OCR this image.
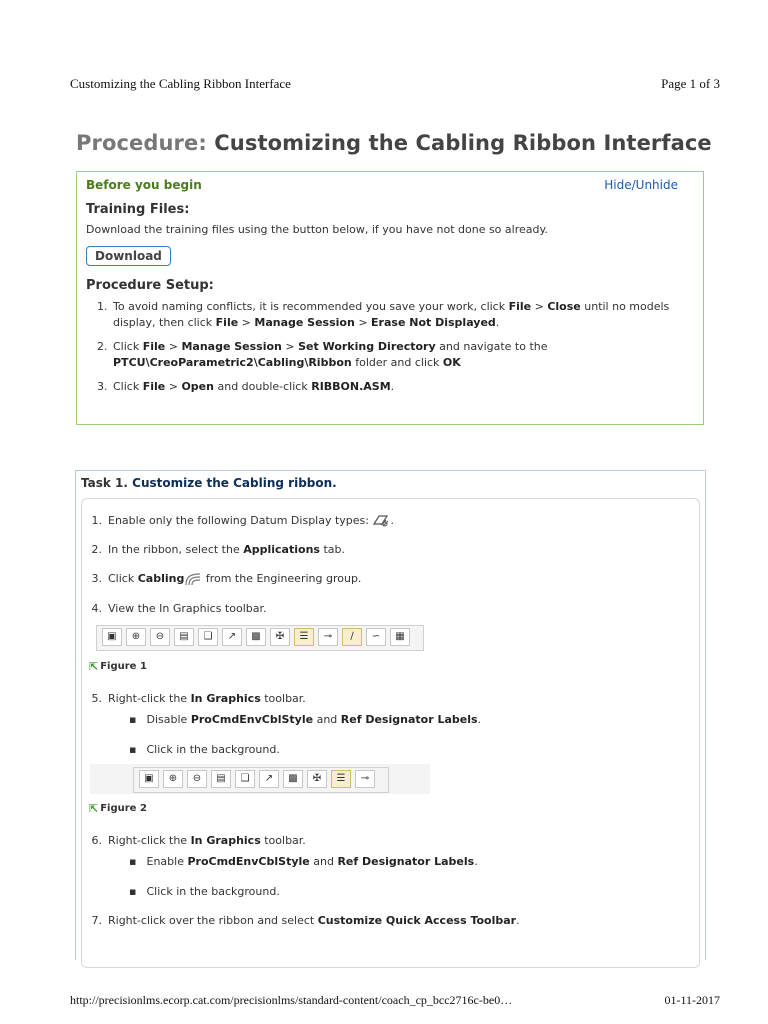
Customizing the Cabling Ribbon Interface	Page 1 of 3
Procedure: Customizing the Cabling Ribbon Interface
Before you begin	Hide/Unhide
Training Files:

Download the training files using the button below, if you have not done so already.

Download
Procedure Setup:
1. To avoid naming conflicts, it is recommended you save your work, click File > Close until no models display, then click File > Manage Session > Erase Not Displayed.
2. Click File > Manage Session > Set Working Directory and navigate to the PTCU\CreoParametric2\Cabling\Ribbon folder and click OK
3. Click File > Open and double-click RIBBON.ASM.
Task 1. Customize the Cabling ribbon.
1. Enable only the following Datum Display types: .
2. In the ribbon, select the Applications tab.
3. Click Cabling from the Engineering group.
4. View the In Graphics toolbar.
▣	⊕	⊖	▤	❏	↗	▩	✠	☰	⊸	∕	∽	▦
⇱ Figure 1
5. Right-click the In Graphics toolbar.
▪ Disable ProCmdEnvCblStyle and Ref Designator Labels.
▪ Click in the background.
▣	⊕	⊖	▤	❏	↗	▩	✠	☰	⊸
⇱ Figure 2
6. Right-click the In Graphics toolbar.
▪ Enable ProCmdEnvCblStyle and Ref Designator Labels.
▪ Click in the background.
7. Right-click over the ribbon and select Customize Quick Access Toolbar.
http://precisionlms.ecorp.cat.com/precisionlms/standard-content/coach_cp_bcc2716c-be0…	01-11-2017
